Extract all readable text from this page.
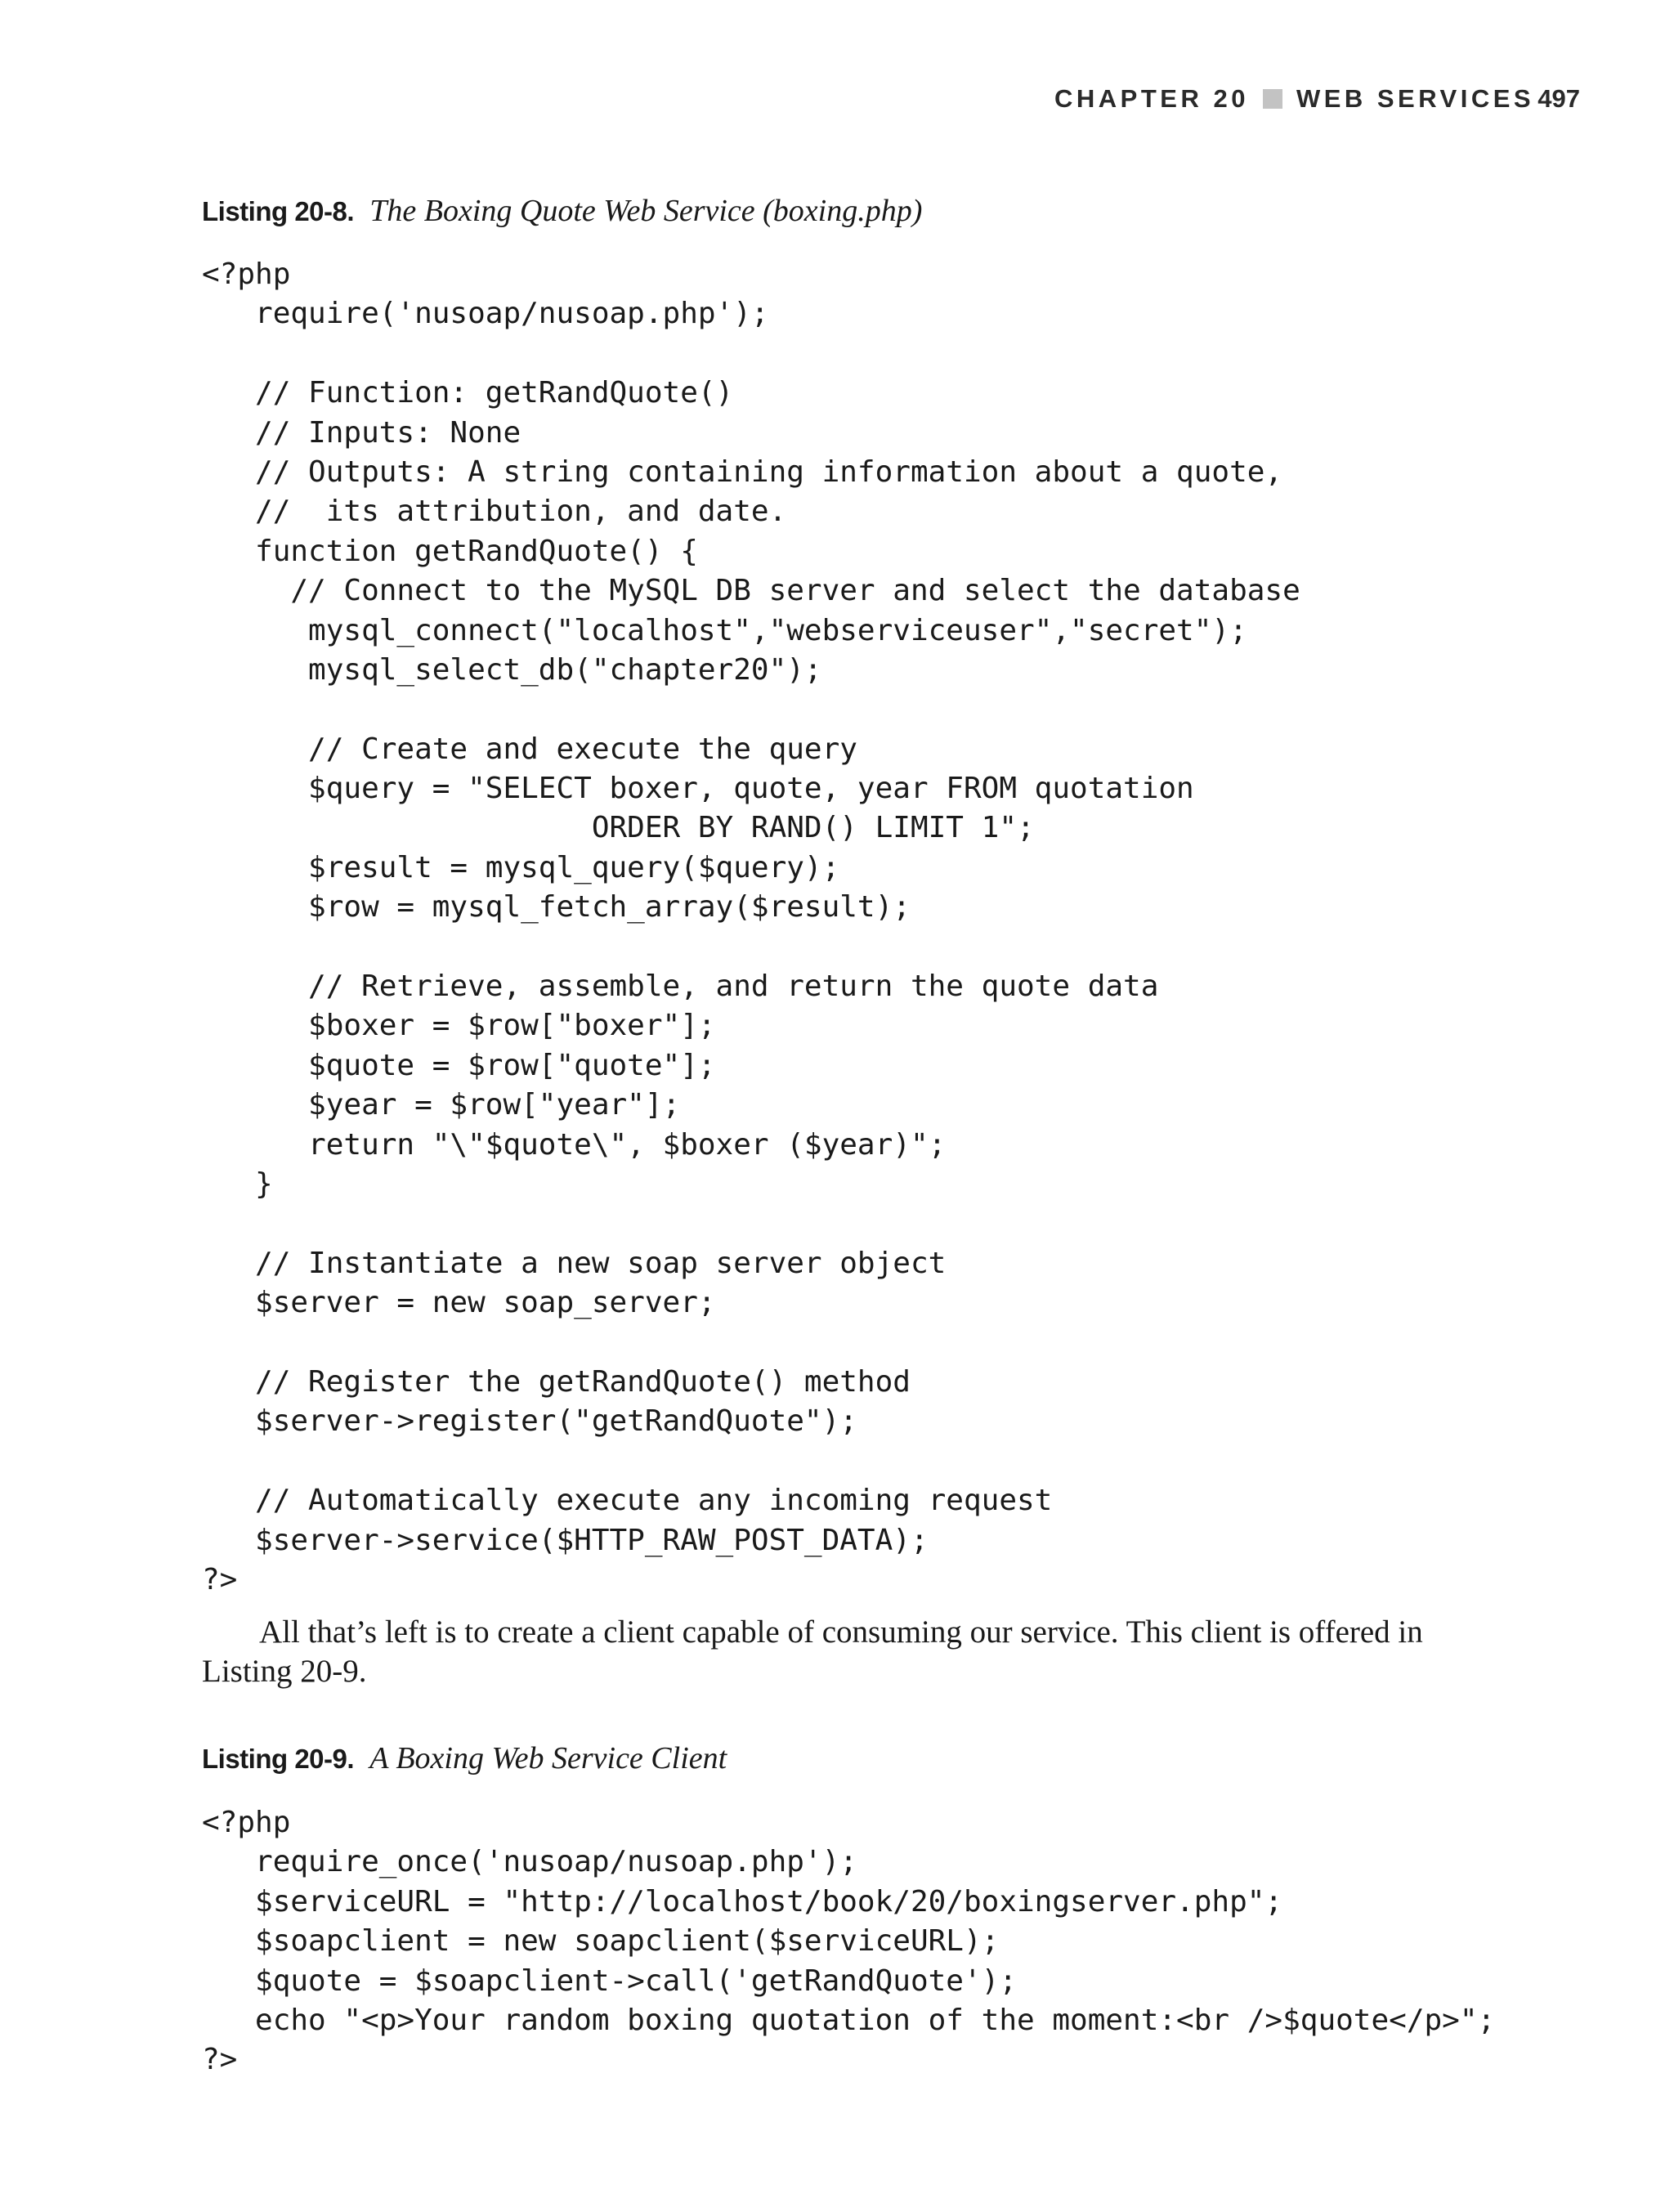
CHAPTER 20 WEB SERVICES 497
Listing 20-8. The Boxing Quote Web Service (boxing.php)
<?php
require('nusoap/nusoap.php');
// Function: getRandQuote()
// Inputs: None
// Outputs: A string containing information about a quote,
//  its attribution, and date.
function getRandQuote() {
// Connect to the MySQL DB server and select the database
mysql_connect("localhost","webserviceuser","secret");
mysql_select_db("chapter20");
// Create and execute the query
$query = "SELECT boxer, quote, year FROM quotation
ORDER BY RAND() LIMIT 1";
$result = mysql_query($query);
$row = mysql_fetch_array($result);
// Retrieve, assemble, and return the quote data
$boxer = $row["boxer"];
$quote = $row["quote"];
$year = $row["year"];
return "\"$quote\", $boxer ($year)";
}
// Instantiate a new soap server object
$server = new soap_server;
// Register the getRandQuote() method
$server->register("getRandQuote");
// Automatically execute any incoming request
$server->service($HTTP_RAW_POST_DATA);
?>

All that’s left is to create a client capable of consuming our service. This client is offered in Listing 20-9.

Listing 20-9. A Boxing Web Service Client
<?php
require_once('nusoap/nusoap.php');
$serviceURL = "http://localhost/book/20/boxingserver.php";
$soapclient = new soapclient($serviceURL);
$quote = $soapclient->call('getRandQuote');
echo "<p>Your random boxing quotation of the moment:<br />$quote</p>";
?>
